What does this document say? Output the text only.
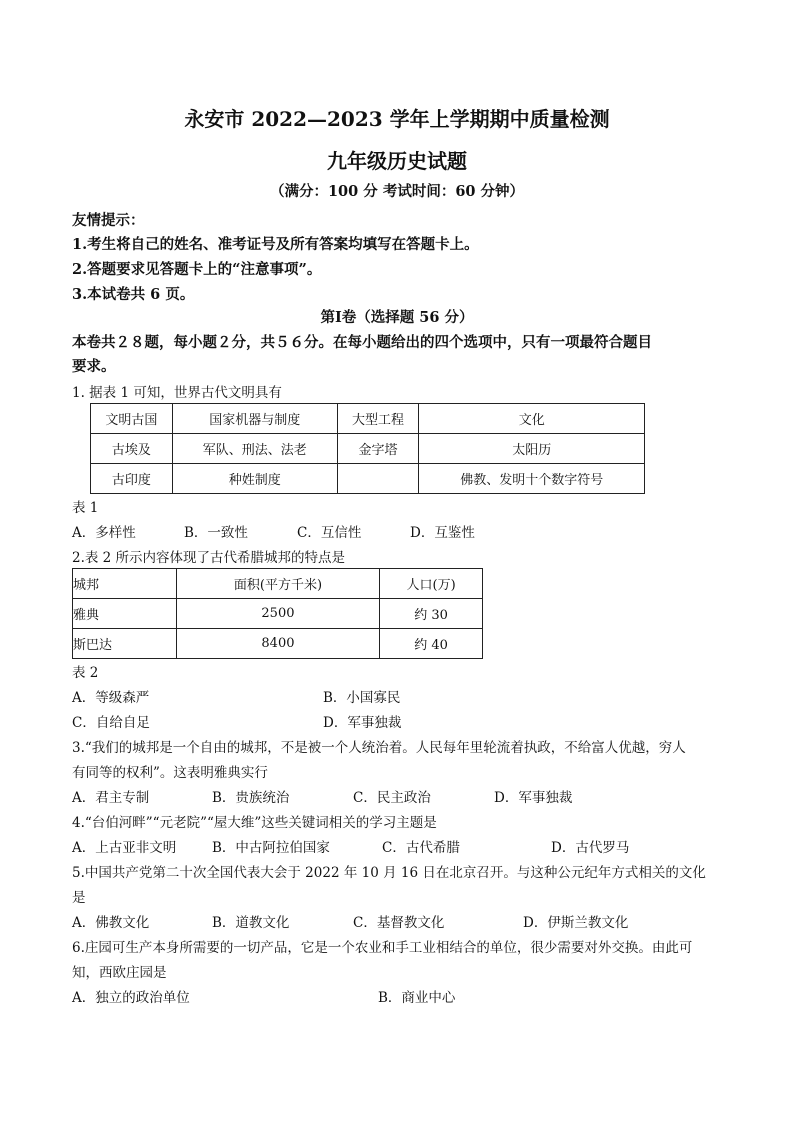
永安市 2022—2023 学年上学期期中质量检测
九年级历史试题
（满分：100 分 考试时间：60 分钟）
友情提示：
1.考生将自己的姓名、准考证号及所有答案均填写在答题卡上。
2.答题要求见答题卡上的“注意事项”。
3.本试卷共 6 页。
第Ⅰ卷（选择题 56 分）
本卷共２８题，每小题２分，共５６分。在每小题给出的四个选项中，只有一项最符合题目
要求。
1. 据表 1 可知，世界古代文明具有
文明古国	国家机器与制度	大型工程	文化
古埃及	军队、刑法、法老	金字塔	太阳历
古印度	种姓制度		佛教、发明十个数字符号
表 1
A．多样性	B．一致性	C．互信性	D．互鉴性
2.表 2 所示内容体现了古代希腊城邦的特点是
城邦	面积(平方千米)	人口(万)
雅典	2500	约 30
斯巴达	8400	约 40
表 2
A．等级森严	B．小国寡民
C．自给自足	D．军事独裁
3.“我们的城邦是一个自由的城邦，不是被一个人统治着。人民每年里轮流着执政，不给富人优越，穷人
有同等的权利”。这表明雅典实行
A．君主专制	B．贵族统治	C．民主政治	D．军事独裁
4.“台伯河畔”“元老院”“屋大维”这些关键词相关的学习主题是
A．上古亚非文明	B．中古阿拉伯国家	C．古代希腊	D．古代罗马
5.中国共产党第二十次全国代表大会于 2022 年 10 月 16 日在北京召开。与这种公元纪年方式相关的文化
是
A．佛教文化	B．道教文化	C．基督教文化	D．伊斯兰教文化
6.庄园可生产本身所需要的一切产品，它是一个农业和手工业相结合的单位，很少需要对外交换。由此可
知，西欧庄园是
A．独立的政治单位	B．商业中心
